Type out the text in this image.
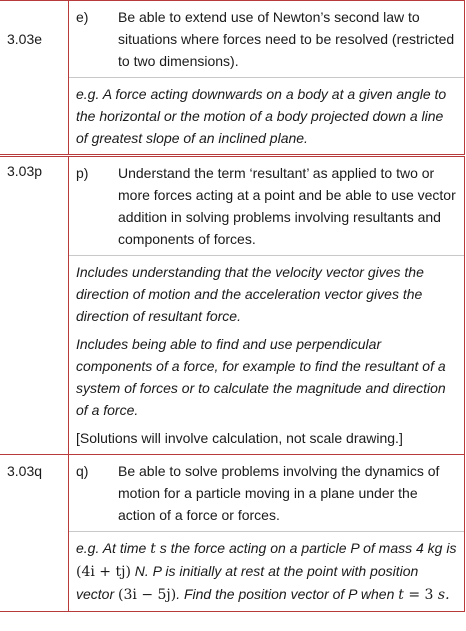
3.03e	e) Be able to extend use of Newton’s second law to situations where forces need to be resolved (restricted to two dimensions).
e.g. A force acting downwards on a body at a given angle to the horizontal or the motion of a body projected down a line of greatest slope of an inclined plane.

3.03p	p) Understand the term ‘resultant’ as applied to two or more forces acting at a point and be able to use vector addition in solving problems involving resultants and components of forces.
Includes understanding that the velocity vector gives the direction of motion and the acceleration vector gives the direction of resultant force.
Includes being able to find and use perpendicular components of a force, for example to find the resultant of a system of forces or to calculate the magnitude and direction of a force.
[Solutions will involve calculation, not scale drawing.]

3.03q	q) Be able to solve problems involving the dynamics of motion for a particle moving in a plane under the action of a force or forces.
e.g. At time t s the force acting on a particle P of mass 4 kg is (4i + tj) N. P is initially at rest at the point with position vector (3i − 5j). Find the position vector of P when t = 3 s.
